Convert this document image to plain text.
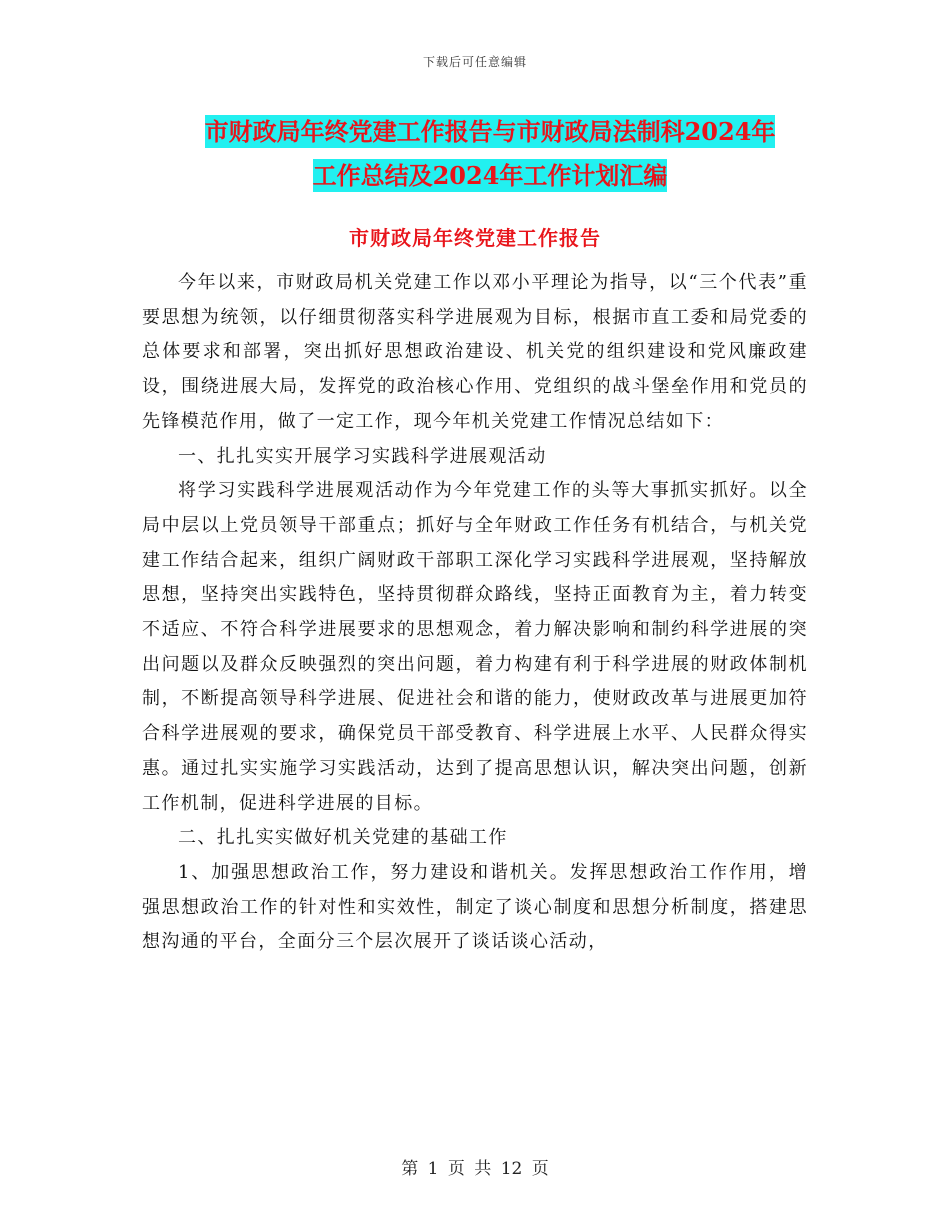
下载后可任意编辑
市财政局年终党建工作报告与市财政局法制科2024年
工作总结及2024年工作计划汇编
市财政局年终党建工作报告

今年以来，市财政局机关党建工作以邓小平理论为指导，以“三个代表”重要思想为统领，以仔细贯彻落实科学进展观为目标，根据市直工委和局党委的总体要求和部署，突出抓好思想政治建设、机关党的组织建设和党风廉政建设，围绕进展大局，发挥党的政治核心作用、党组织的战斗堡垒作用和党员的先锋模范作用，做了一定工作，现今年机关党建工作情况总结如下：

一、扎扎实实开展学习实践科学进展观活动

将学习实践科学进展观活动作为今年党建工作的头等大事抓实抓好。以全局中层以上党员领导干部重点；抓好与全年财政工作任务有机结合，与机关党建工作结合起来，组织广阔财政干部职工深化学习实践科学进展观，坚持解放思想，坚持突出实践特色，坚持贯彻群众路线，坚持正面教育为主，着力转变不适应、不符合科学进展要求的思想观念，着力解决影响和制约科学进展的突出问题以及群众反映强烈的突出问题，着力构建有利于科学进展的财政体制机制，不断提高领导科学进展、促进社会和谐的能力，使财政改革与进展更加符合科学进展观的要求，确保党员干部受教育、科学进展上水平、人民群众得实惠。通过扎实实施学习实践活动，达到了提高思想认识，解决突出问题，创新工作机制，促进科学进展的目标。

二、扎扎实实做好机关党建的基础工作

1、加强思想政治工作，努力建设和谐机关。发挥思想政治工作作用，增强思想政治工作的针对性和实效性，制定了谈心制度和思想分析制度，搭建思想沟通的平台，全面分三个层次展开了谈话谈心活动，

第 1 页 共 12 页
